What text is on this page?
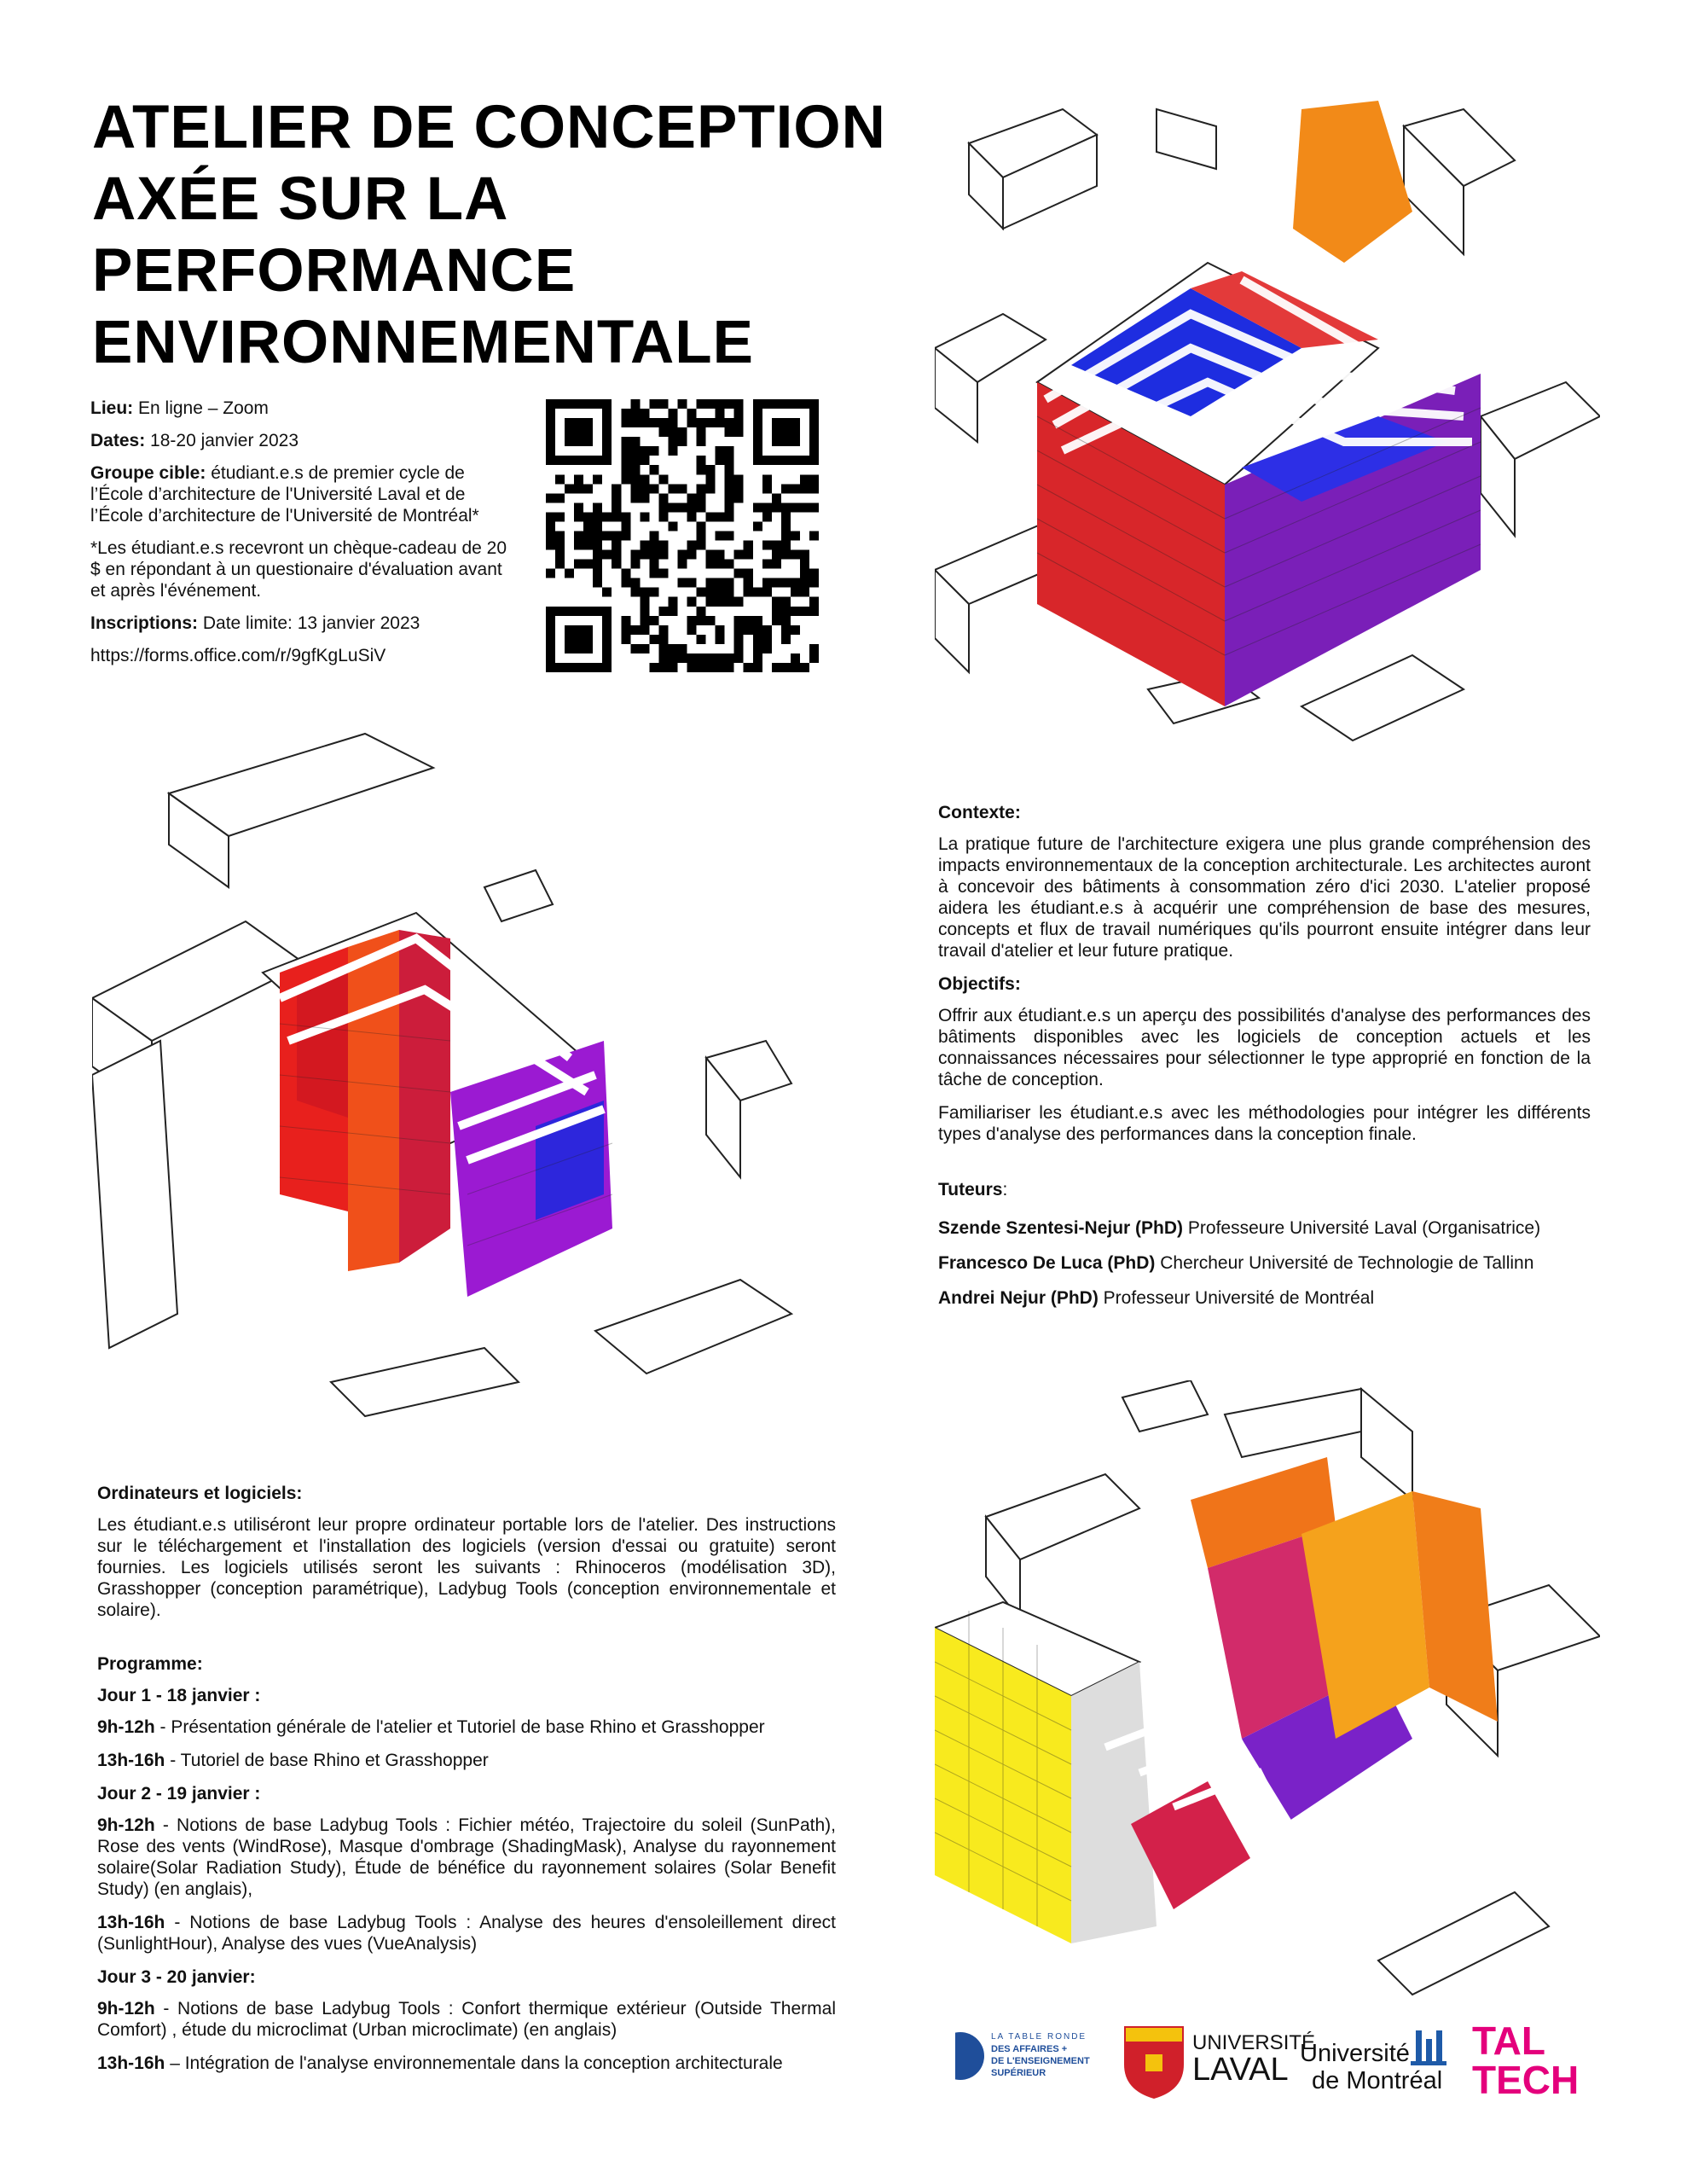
ATELIER DE CONCEPTION AXÉE SUR LA PERFORMANCE ENVIRONNEMENTALE

Lieu: En ligne – Zoom

Dates: 18-20 janvier 2023

Groupe cible: étudiant.e.s de premier cycle de l’École d’architecture de l'Université Laval et de l’École d’architecture de l'Université de Montréal*

*Les étudiant.e.s recevront un chèque-cadeau de 20 $ en répondant à un questionaire d'évaluation avant et après l'événement.

Inscriptions: Date limite: 13 janvier 2023

https://forms.office.com/r/9gfKgLuSiV

Contexte:

La pratique future de l'architecture exigera une plus grande compréhension des impacts environnementaux de la conception architecturale. Les architectes auront à concevoir des bâtiments à consommation zéro d'ici 2030. L'atelier proposé aidera les étudiant.e.s à acquérir une compréhension de base des mesures, concepts et flux de travail numériques qu'ils pourront ensuite intégrer dans leur travail d'atelier et leur future pratique.

Objectifs:

Offrir aux étudiant.e.s un aperçu des possibilités d'analyse des performances des bâtiments disponibles avec les logiciels de conception actuels et les connaissances nécessaires pour sélectionner le type approprié en fonction de la tâche de conception.

Familiariser les étudiant.e.s avec les méthodologies pour intégrer les différents types d'analyse des performances dans la conception finale.

Tuteurs:

Szende Szentesi-Nejur (PhD) Professeure Université Laval (Organisatrice)

Francesco De Luca (PhD) Chercheur Université de Technologie de Tallinn

Andrei Nejur (PhD) Professeur Université de Montréal

Ordinateurs et logiciels:

Les étudiant.e.s utiliséront leur propre ordinateur portable lors de l'atelier. Des instructions sur le téléchargement et l'installation des logiciels (version d'essai ou gratuite) seront fournies. Les logiciels utilisés seront les suivants : Rhinoceros (modélisation 3D), Grasshopper (conception paramétrique), Ladybug Tools (conception environnementale et solaire).

Programme:

Jour 1 - 18 janvier :

9h-12h - Présentation générale de l'atelier et Tutoriel de base Rhino et Grasshopper

13h-16h - Tutoriel de base Rhino et Grasshopper

Jour 2 - 19 janvier :

9h-12h - Notions de base Ladybug Tools : Fichier météo, Trajectoire du soleil (SunPath), Rose des vents (WindRose), Masque d'ombrage (ShadingMask), Analyse du rayonnement solaire(Solar Radiation Study), Étude de bénéfice du rayonnement solaires (Solar Benefit Study) (en anglais),

13h-16h - Notions de base Ladybug Tools : Analyse des heures d'ensoleillement direct (SunlightHour), Analyse des vues (VueAnalysis)

Jour 3 - 20 janvier:

9h-12h - Notions de base Ladybug Tools : Confort thermique extérieur (Outside Thermal Comfort) , étude du microclimat (Urban microclimate) (en anglais)

13h-16h – Intégration de l'analyse environnementale dans la conception architecturale

LA TABLE RONDE
DES AFFAIRES +
DE L'ENSEIGNEMENT
SUPÉRIEUR
UNIVERSITÉ
LAVAL Université
de Montréal
TAL
TECH
